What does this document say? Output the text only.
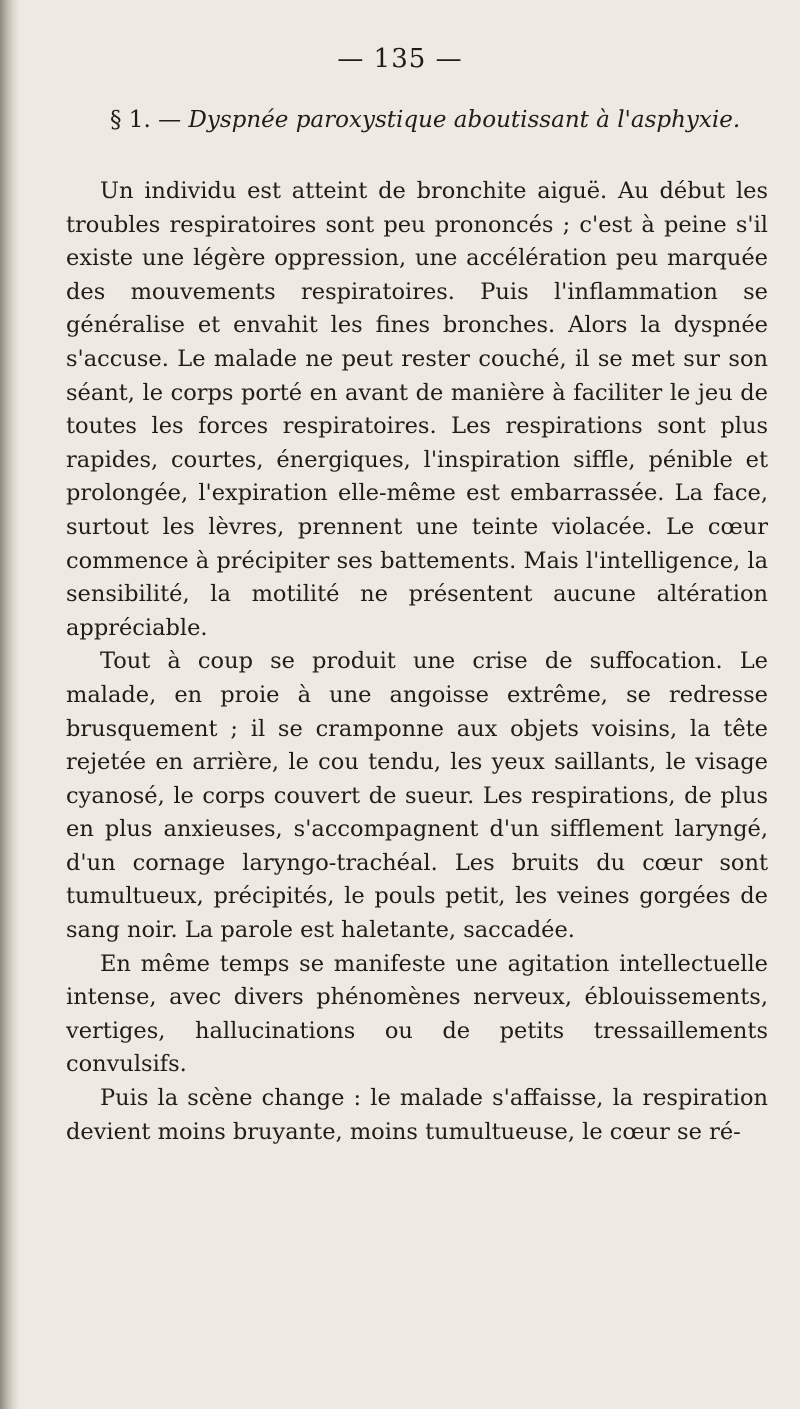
— 135 —
§ 1. — Dyspnée paroxystique aboutissant à l'asphyxie.

Un individu est atteint de bronchite aiguë. Au début les troubles respiratoires sont peu prononcés ; c'est à peine s'il existe une légère oppression, une accélération peu marquée des mouvements respiratoires. Puis l'inflammation se généralise et envahit les fines bronches. Alors la dyspnée s'accuse. Le malade ne peut rester couché, il se met sur son séant, le corps porté en avant de manière à faciliter le jeu de toutes les forces respiratoires. Les respirations sont plus rapides, courtes, énergiques, l'inspiration siffle, pénible et prolongée, l'expiration elle-même est embarrassée. La face, surtout les lèvres, prennent une teinte violacée. Le cœur commence à précipiter ses battements. Mais l'intelligence, la sensibilité, la motilité ne présentent aucune altération appréciable.

Tout à coup se produit une crise de suffocation. Le malade, en proie à une angoisse extrême, se redresse brusquement ; il se cramponne aux objets voisins, la tête rejetée en arrière, le cou tendu, les yeux saillants, le visage cyanosé, le corps couvert de sueur. Les respirations, de plus en plus anxieuses, s'accompagnent d'un sifflement laryngé, d'un cornage laryngo-trachéal. Les bruits du cœur sont tumultueux, précipités, le pouls petit, les veines gorgées de sang noir. La parole est haletante, saccadée.

En même temps se manifeste une agitation intellectuelle intense, avec divers phénomènes nerveux, éblouissements, vertiges, hallucinations ou de petits tressaillements convulsifs.

Puis la scène change : le malade s'affaisse, la respiration devient moins bruyante, moins tumultueuse, le cœur se ré-
